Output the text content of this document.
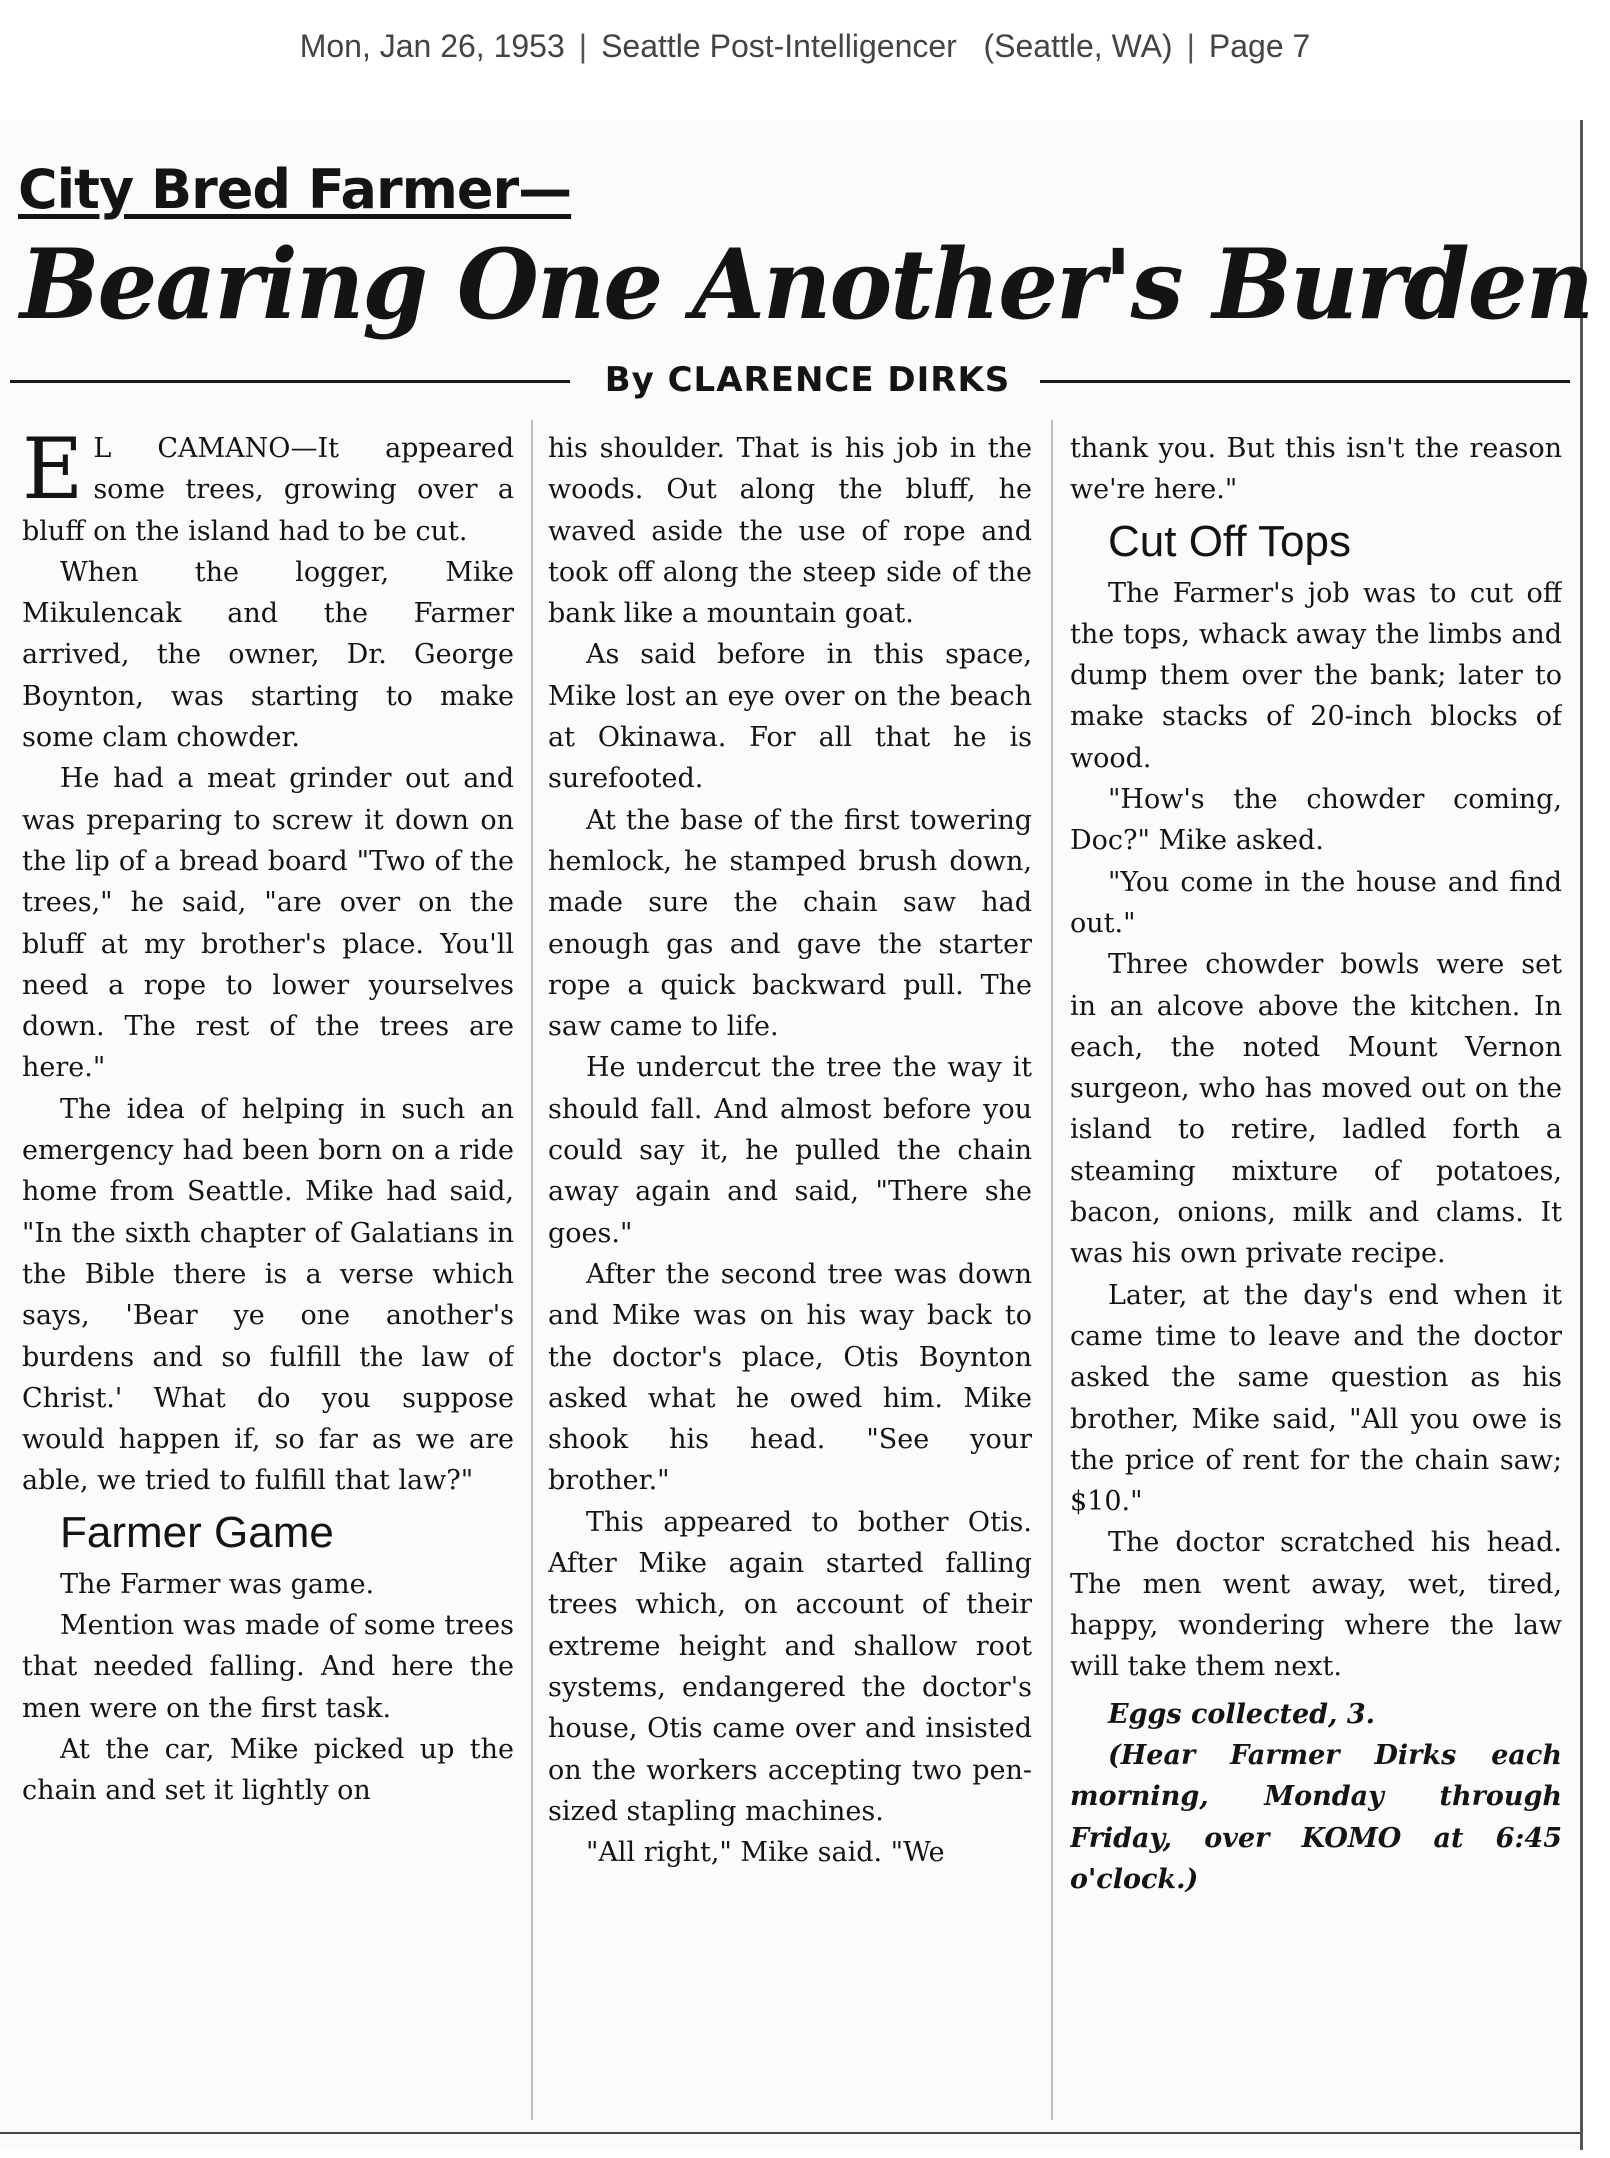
Mon, Jan 26, 1953 | Seattle Post-Intelligencer (Seattle, WA) | Page 7
City Bred Farmer—
Bearing One Another's Burden
By CLARENCE DIRKS

E L CAMANO—It appeared some trees, growing over a bluff on the island had to be cut.

When the logger, Mike Mikulencak and the Farmer arrived, the owner, Dr. George Boynton, was starting to make some clam chowder.

He had a meat grinder out and was preparing to screw it down on the lip of a bread board "Two of the trees," he said, "are over on the bluff at my brother's place. You'll need a rope to lower yourselves down. The rest of the trees are here."

The idea of helping in such an emergency had been born on a ride home from Seattle. Mike had said, "In the sixth chapter of Galatians in the Bible there is a verse which says, 'Bear ye one another's burdens and so fulfill the law of Christ.' What do you suppose would happen if, so far as we are able, we tried to fulfill that law?"

Farmer Game

The Farmer was game.

Mention was made of some trees that needed falling. And here the men were on the first task.

At the car, Mike picked up the chain and set it lightly on

his shoulder. That is his job in the woods. Out along the bluff, he waved aside the use of rope and took off along the steep side of the bank like a mountain goat.

As said before in this space, Mike lost an eye over on the beach at Okinawa. For all that he is surefooted.

At the base of the first towering hemlock, he stamped brush down, made sure the chain saw had enough gas and gave the starter rope a quick backward pull. The saw came to life.

He undercut the tree the way it should fall. And almost before you could say it, he pulled the chain away again and said, "There she goes."

After the second tree was down and Mike was on his way back to the doctor's place, Otis Boynton asked what he owed him. Mike shook his head. "See your brother."

This appeared to bother Otis. After Mike again started falling trees which, on account of their extreme height and shallow root systems, endangered the doctor's house, Otis came over and insisted on the workers accepting two pen-sized stapling machines.

"All right," Mike said. "We

thank you. But this isn't the reason we're here."

Cut Off Tops

The Farmer's job was to cut off the tops, whack away the limbs and dump them over the bank; later to make stacks of 20-inch blocks of wood.

"How's the chowder coming, Doc?" Mike asked.

"You come in the house and find out."

Three chowder bowls were set in an alcove above the kitchen. In each, the noted Mount Vernon surgeon, who has moved out on the island to retire, ladled forth a steaming mixture of potatoes, bacon, onions, milk and clams. It was his own private recipe.

Later, at the day's end when it came time to leave and the doctor asked the same question as his brother, Mike said, "All you owe is the price of rent for the chain saw; $10."

The doctor scratched his head. The men went away, wet, tired, happy, wondering where the law will take them next.

Eggs collected, 3.

(Hear Farmer Dirks each morning, Monday through Friday, over KOMO at 6:45 o'clock.)
